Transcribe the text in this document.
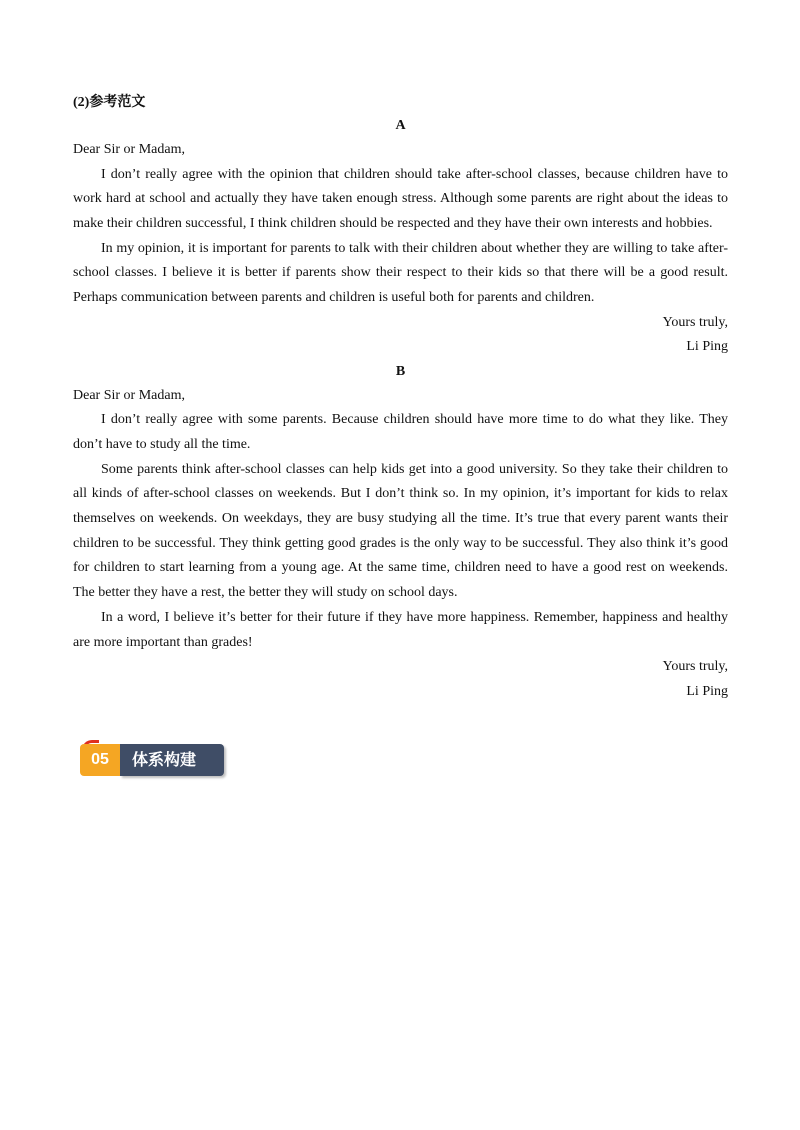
(2)参考范文

A

Dear Sir or Madam,

I don’t really agree with the opinion that children should take after-school classes, because children have to work hard at school and actually they have taken enough stress. Although some parents are right about the ideas to make their children successful, I think children should be respected and they have their own interests and hobbies.

In my opinion, it is important for parents to talk with their children about whether they are willing to take after-school classes. I believe it is better if parents show their respect to their kids so that there will be a good result. Perhaps communication between parents and children is useful both for parents and children.

Yours truly,

Li Ping

B

Dear Sir or Madam,

I don’t really agree with some parents. Because children should have more time to do what they like. They don’t have to study all the time.

Some parents think after-school classes can help kids get into a good university. So they take their children to all kinds of after-school classes on weekends. But I don’t think so. In my opinion, it’s important for kids to relax themselves on weekends. On weekdays, they are busy studying all the time. It’s true that every parent wants their children to be successful. They think getting good grades is the only way to be successful. They also think it’s good for children to start learning from a young age. At the same time, children need to have a good rest on weekends. The better they have a rest, the better they will study on school days.

In a word, I believe it’s better for their future if they have more happiness. Remember, happiness and healthy are more important than grades!

Yours truly,

Li Ping

05	体系构建
